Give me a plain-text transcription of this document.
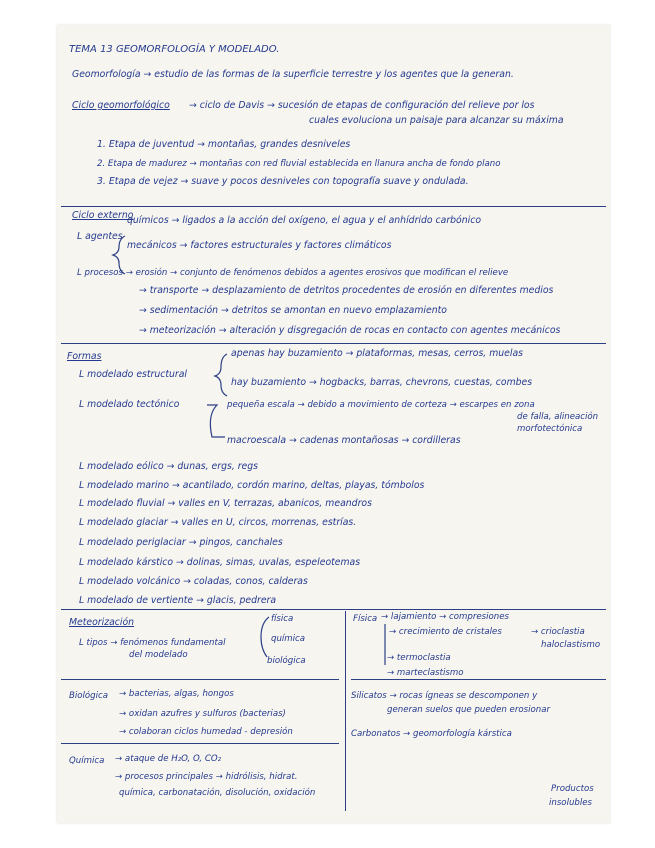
TEMA 13 GEOMORFOLOGÍA Y MODELADO.
Geomorfología → estudio de las formas de la superficie terrestre y los agentes que la generan.
Ciclo geomorfológico → ciclo de Davis → sucesión de etapas de configuración del relieve por los
cuales evoluciona un paisaje para alcanzar su máxima
1. Etapa de juventud → montañas, grandes desniveles
2. Etapa de madurez → montañas con red fluvial establecida en llanura ancha de fondo plano
3. Etapa de vejez → suave y pocos desniveles con topografía suave y ondulada.
Ciclo externo
químicos → ligados a la acción del oxígeno, el agua y el anhídrido carbónico
L agentes
mecánicos → factores estructurales y factores climáticos
L procesos → erosión → conjunto de fenómenos debidos a agentes erosivos que modifican el relieve
→ transporte → desplazamiento de detritos procedentes de erosión en diferentes medios
→ sedimentación → detritos se amontan en nuevo emplazamiento
→ meteorización → alteración y disgregación de rocas en contacto con agentes mecánicos
Formas	apenas hay buzamiento → plataformas, mesas, cerros, muelas
L modelado estructural
hay buzamiento → hogbacks, barras, chevrons, cuestas, combes
L modelado tectónico	pequeña escala → debido a movimiento de corteza → escarpes en zona
de falla, alineación
morfotectónica
macroescala → cadenas montañosas → cordilleras
L modelado eólico → dunas, ergs, regs
L modelado marino → acantilado, cordón marino, deltas, playas, tómbolos
L modelado fluvial → valles en V, terrazas, abanicos, meandros
L modelado glaciar → valles en U, circos, morrenas, estrías.
L modelado periglaciar → pingos, canchales
L modelado kárstico → dolinas, simas, uvalas, espeleotemas
L modelado volcánico → coladas, conos, calderas
L modelado de vertiente → glacis, pedrera
Meteorización
L tipos → fenómenos fundamental
del modelado
física
química
biológica
Física → lajamiento → compresiones
→ crecimiento de cristales	→ crioclastia
haloclastismo
→ termoclastia
→ marteclastismo
Biológica → bacterias, algas, hongos
→ oxidan azufres y sulfuros (bacterias)
→ colaboran ciclos humedad - depresión
Silicatos → rocas ígneas se descomponen y
generan suelos que pueden erosionar
Carbonatos → geomorfología kárstica
Química → ataque de H₂O, O, CO₂
→ procesos principales → hidrólisis, hidrat.
química, carbonatación, disolución, oxidación	Productos
insolubles
